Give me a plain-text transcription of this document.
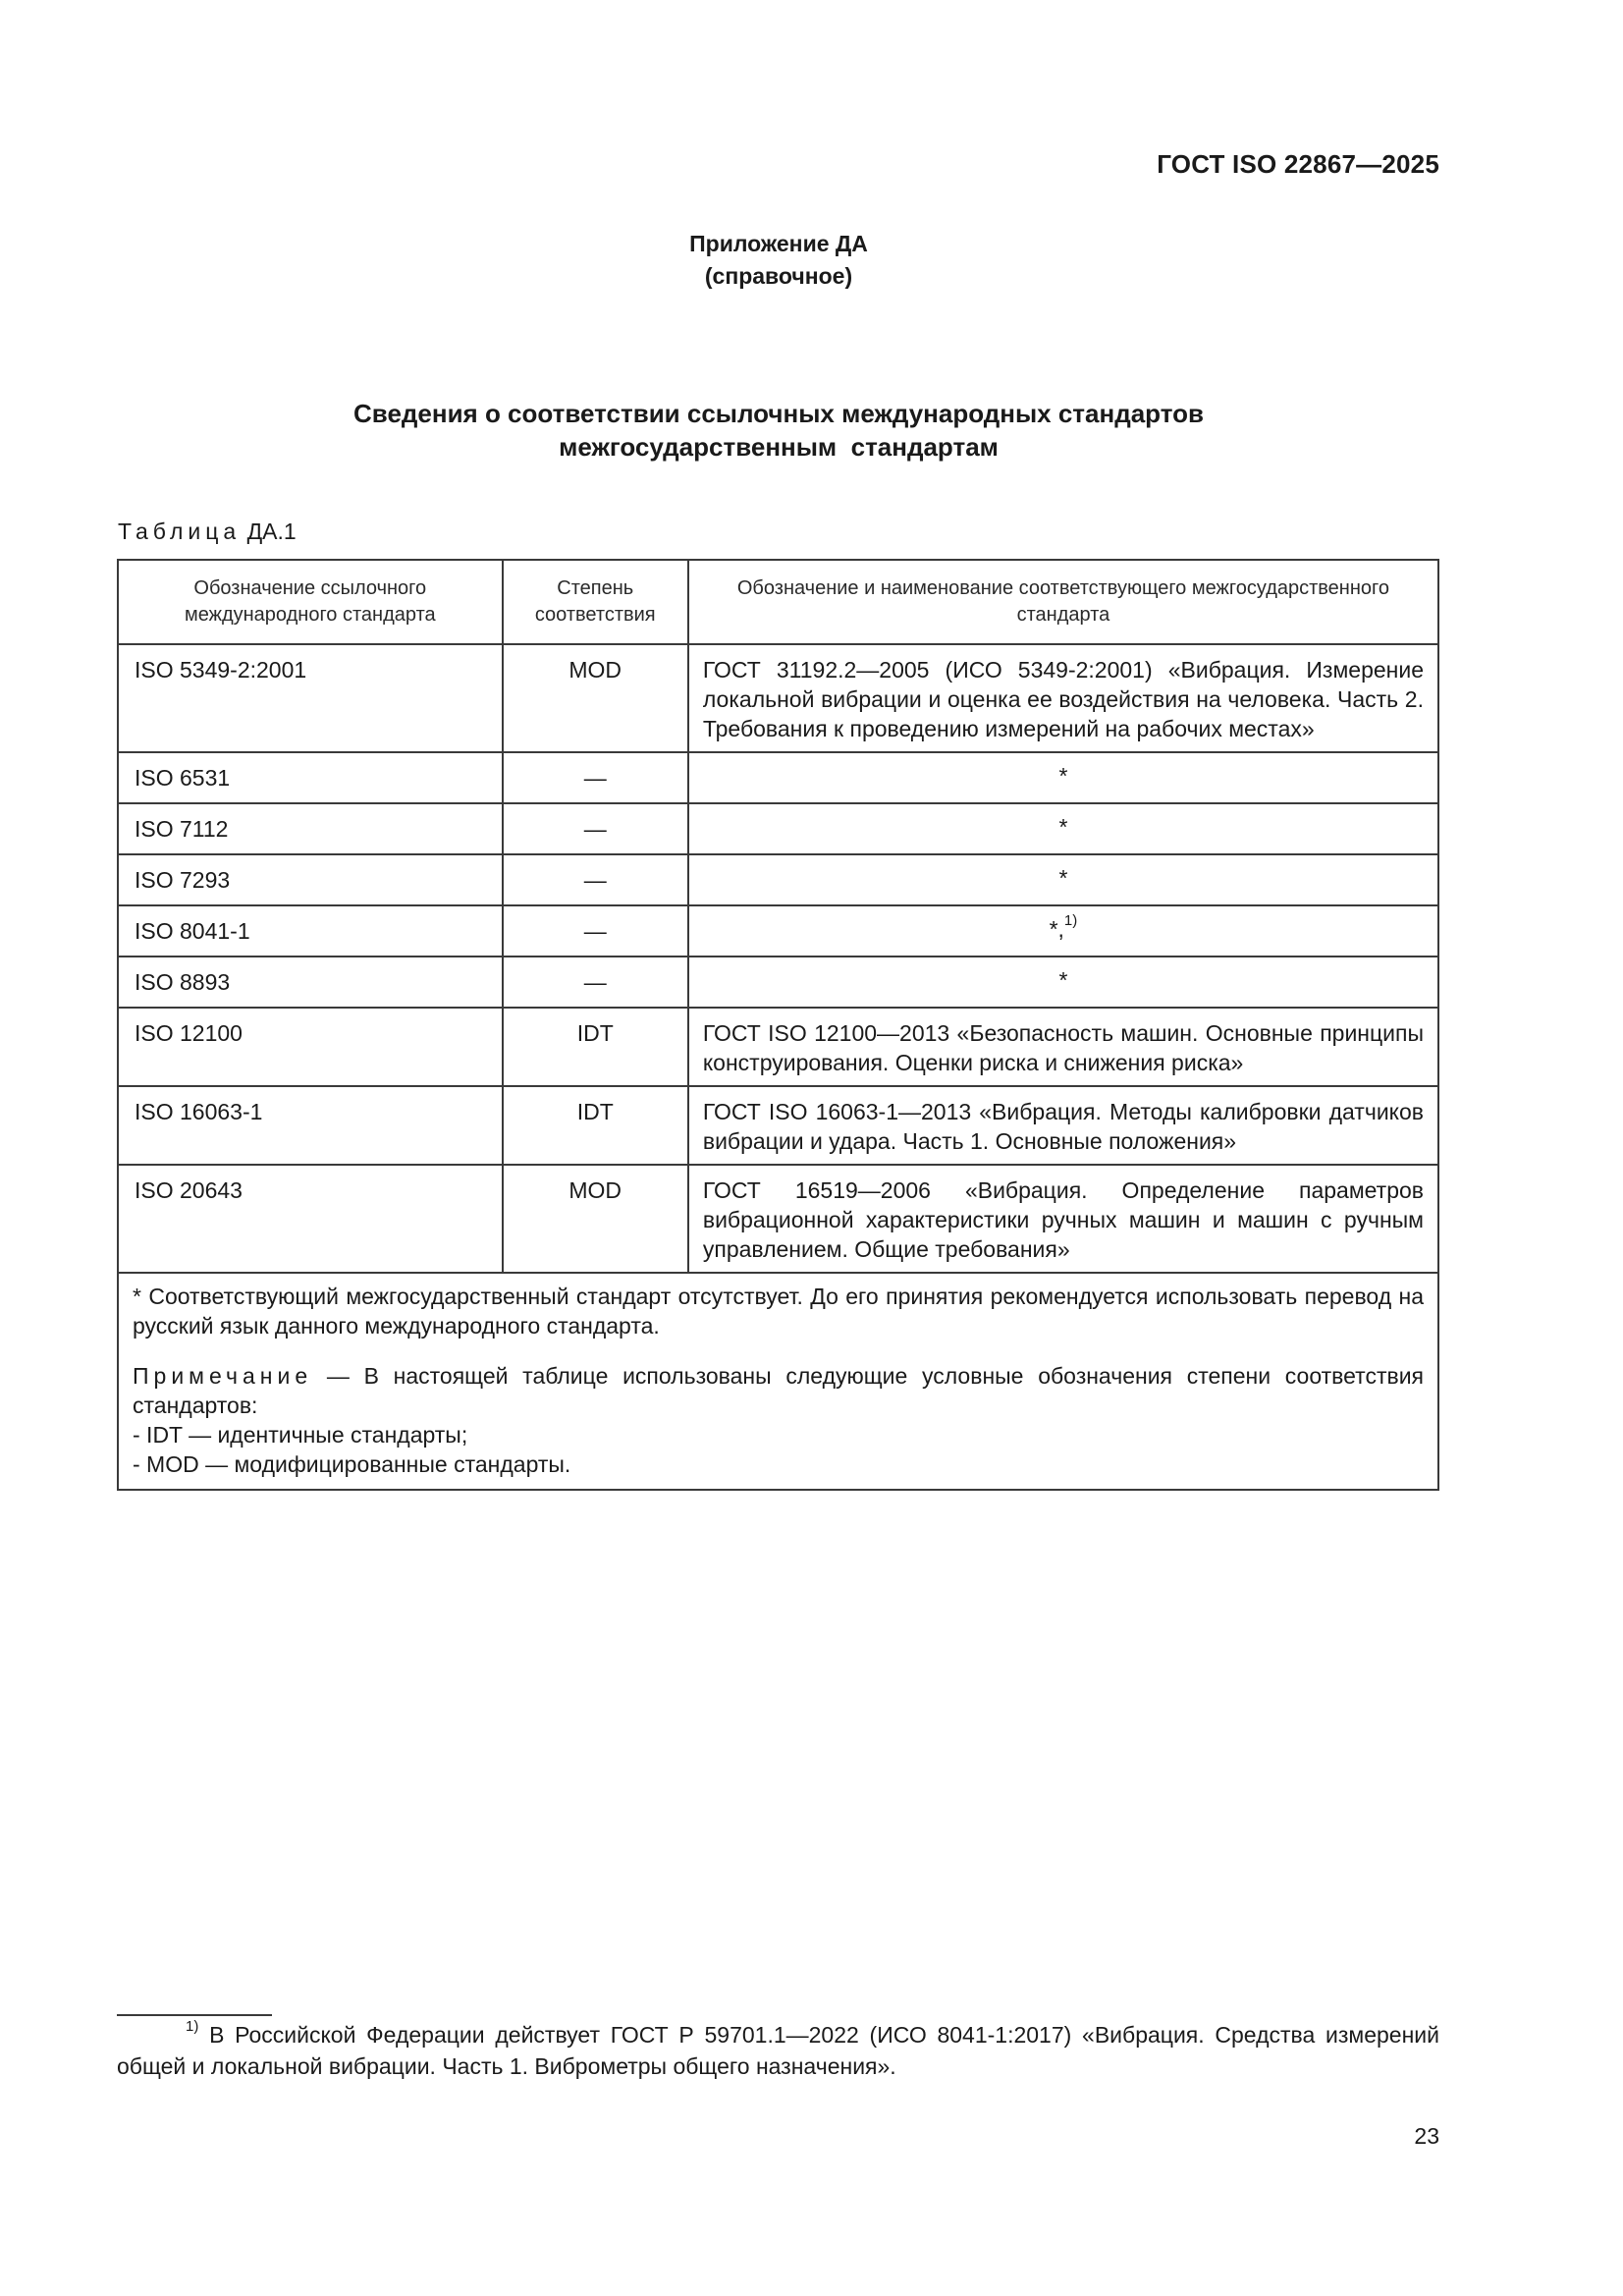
ГОСТ ISO 22867—2025
Приложение ДА
(справочное)
Сведения о соответствии ссылочных международных стандартов
межгосударственным  стандартам
Таблица ДА.1
Обозначение ссылочного международного стандарта	Степень соответствия	Обозначение и наименование соответствующего межгосударственного стандарта
ISO 5349-2:2001	MOD	ГОСТ 31192.2—2005 (ИСО 5349-2:2001) «Вибрация. Измерение локальной вибрации и оценка ее воздействия на человека. Часть 2. Требования к проведению измерений на рабочих местах»
ISO 6531	—	*
ISO 7112	—	*
ISO 7293	—	*
ISO 8041-1	—	*,$^{1)}$
ISO 8893	—	*
ISO 12100	IDT	ГОСТ ISO 12100—2013 «Безопасность машин. Основные принципы конструирования. Оценки риска и снижения риска»
ISO 16063-1	IDT	ГОСТ ISO 16063-1—2013 «Вибрация. Методы калибровки датчиков вибрации и удара. Часть 1. Основные положения»
ISO 20643	MOD	ГОСТ 16519—2006 «Вибрация. Определение параметров вибрационной характеристики ручных машин и машин с ручным управлением. Общие требования»

* Соответствующий межгосударственный стандарт отсутствует. До его принятия рекомендуется использовать перевод на русский язык данного международного стандарта.

Примечание — В настоящей таблице использованы следующие условные обозначения степени соответствия стандартов:

- IDT — идентичные стандарты;

- MOD — модифицированные стандарты.		

$^{1)}$ В Российской Федерации действует ГОСТ Р 59701.1—2022 (ИСО 8041-1:2017) «Вибрация. Средства измерений общей и локальной вибрации. Часть 1. Виброметры общего назначения».
23
